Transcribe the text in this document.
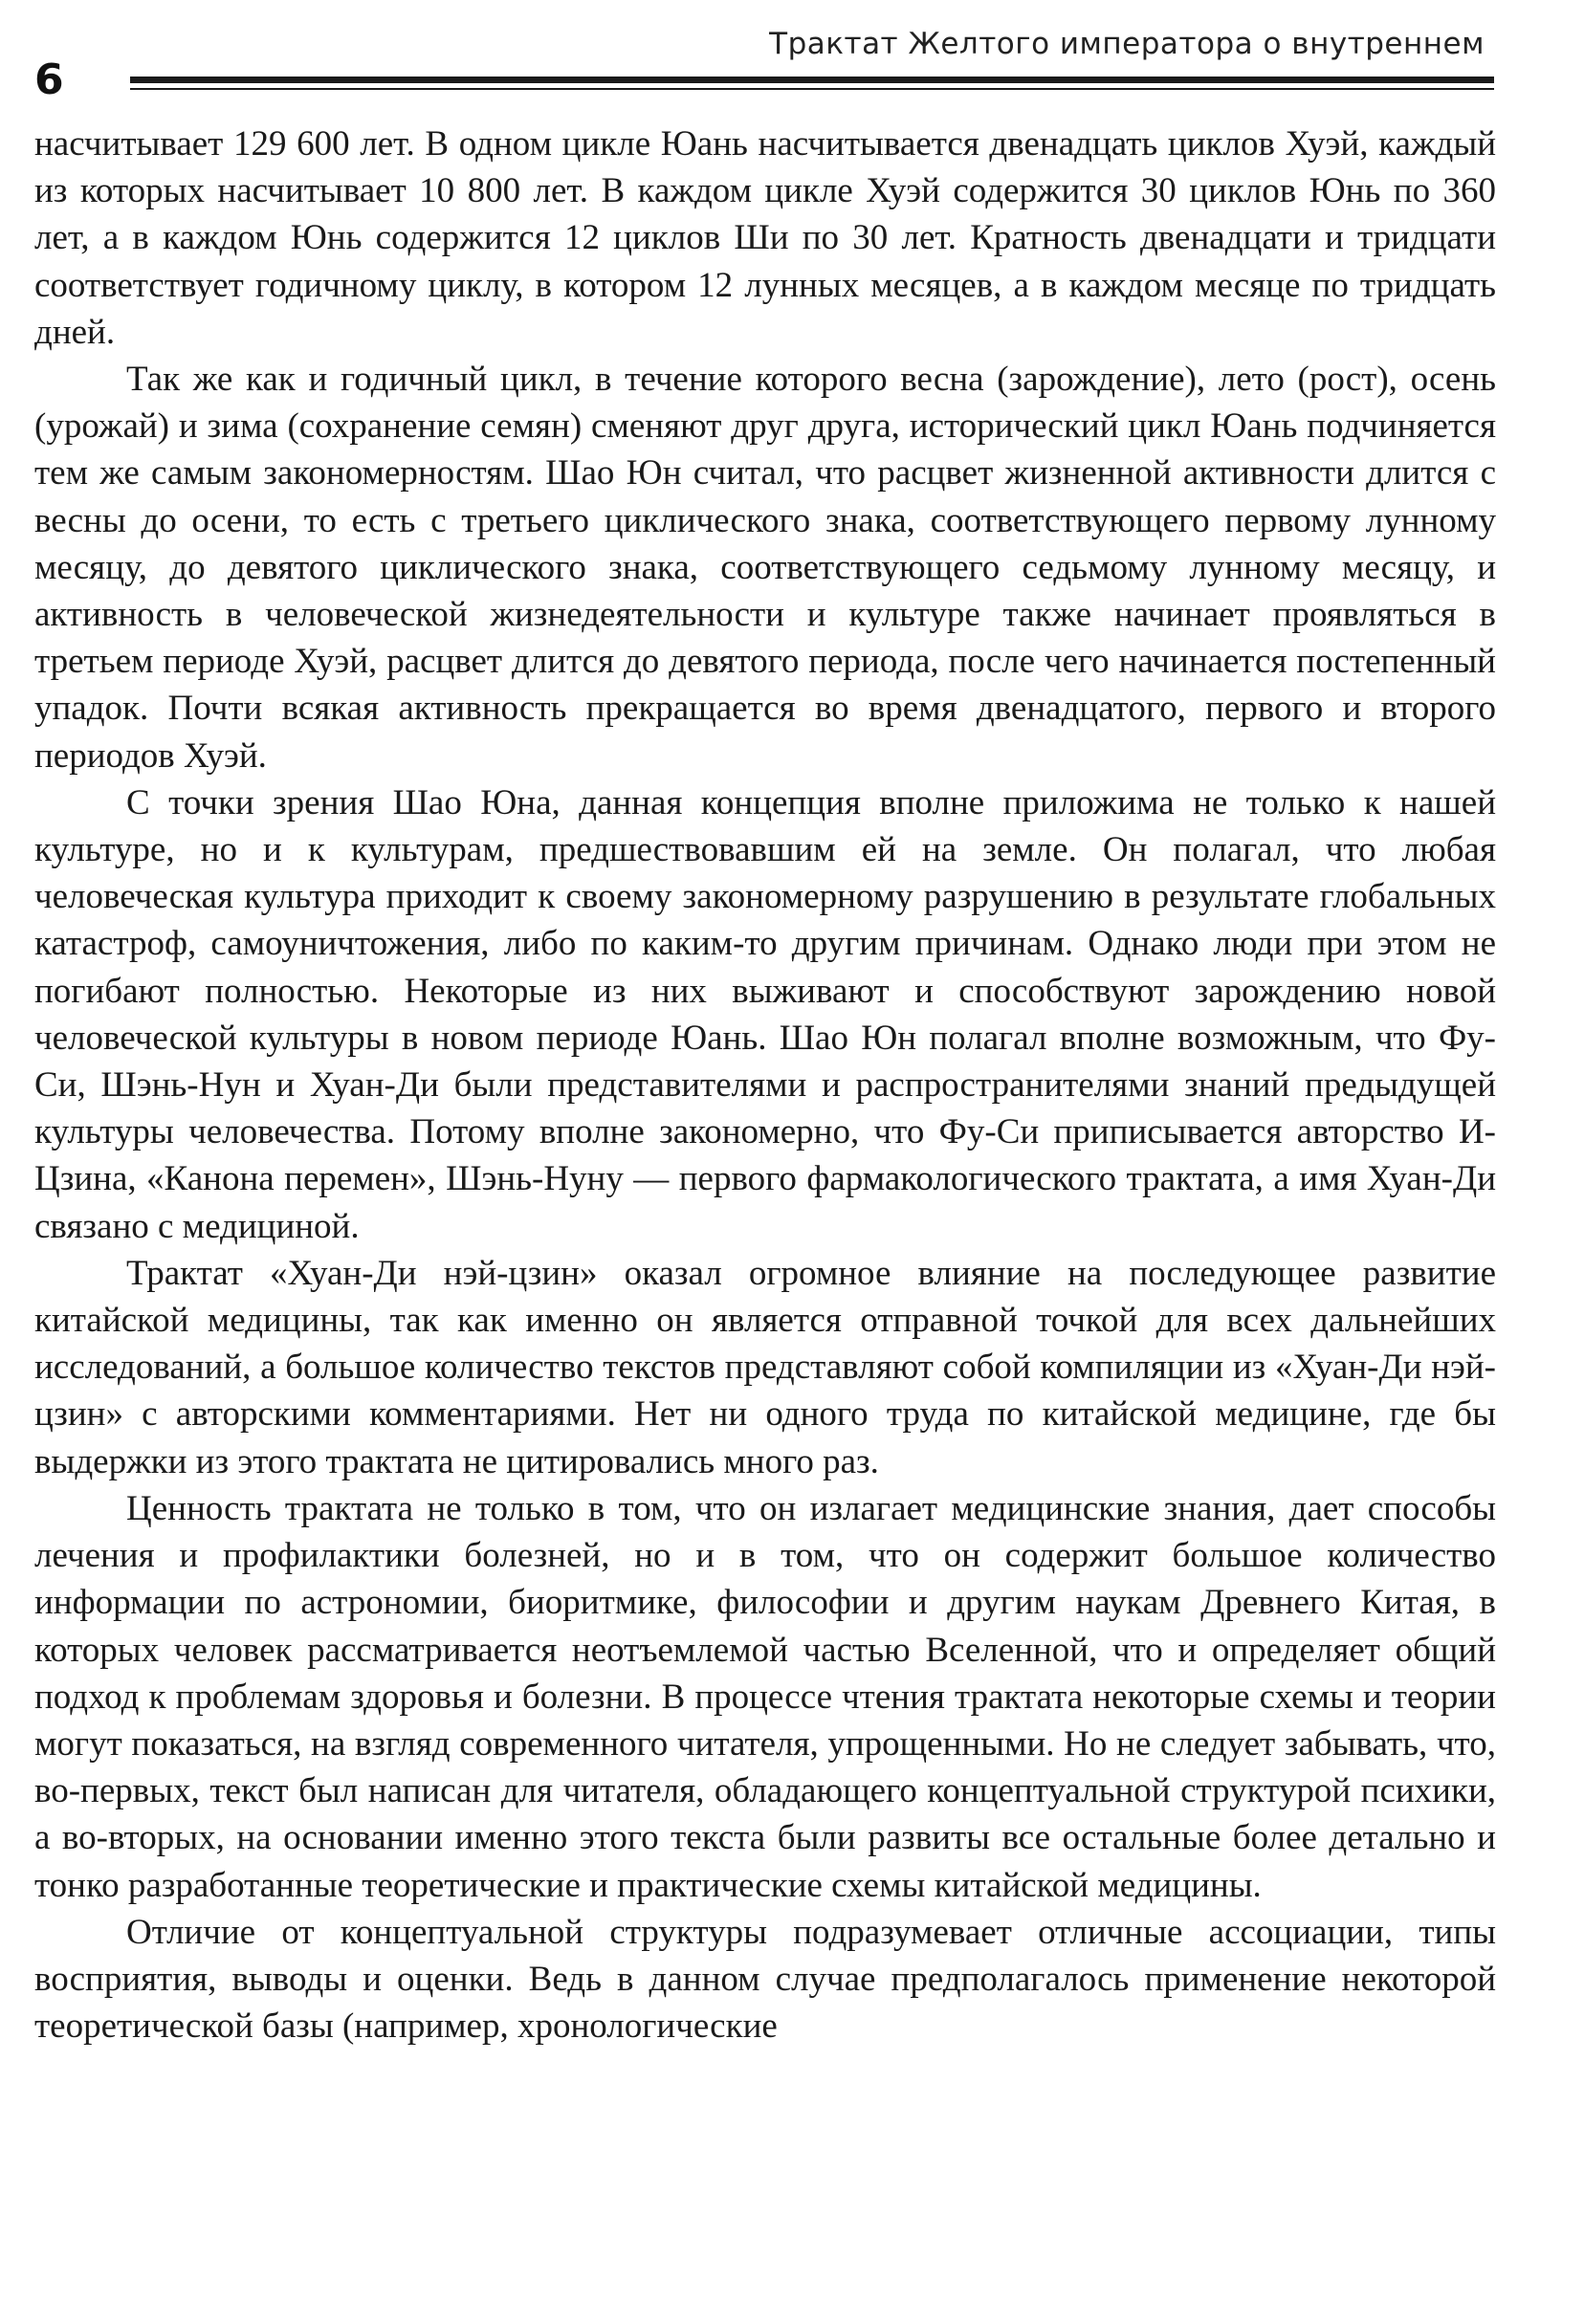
Трактат Желтого императора о внутреннем
6

насчитывает 129 600 лет. В одном цикле Юань насчитывается двенадцать циклов Хуэй, каждый из которых насчитывает 10 800 лет. В каждом цикле Хуэй содержится 30 циклов Юнь по 360 лет, а в каждом Юнь содержится 12 циклов Ши по 30 лет. Кратность двенадцати и тридцати соответствует годичному циклу, в котором 12 лунных месяцев, а в каждом месяце по тридцать дней.

Так же как и годичный цикл, в течение которого весна (зарождение), лето (рост), осень (урожай) и зима (сохранение семян) сменяют друг друга, исторический цикл Юань подчиняется тем же самым закономерностям. Шао Юн считал, что расцвет жизненной активности длится с весны до осени, то есть с третьего циклического знака, соответствующего первому лунному месяцу, до девятого циклического знака, соответствующего седьмому лунному месяцу, и активность в человеческой жизнедеятельности и культуре также начинает проявляться в третьем периоде Хуэй, расцвет длится до девятого периода, после чего начинается постепенный упадок. Почти всякая активность прекращается во время двенадцатого, первого и второго периодов Хуэй.

С точки зрения Шао Юна, данная концепция вполне приложима не только к нашей культуре, но и к культурам, предшествовавшим ей на земле. Он полагал, что любая человеческая культура приходит к своему закономерному разрушению в результате глобальных катастроф, самоуничтожения, либо по каким-то другим причинам. Однако люди при этом не погибают полностью. Некоторые из них выживают и способствуют зарождению новой человеческой культуры в новом периоде Юань. Шао Юн полагал вполне возможным, что Фу-Си, Шэнь-Нун и Хуан-Ди были представителями и распространителями знаний предыдущей культуры человечества. Потому вполне закономерно, что Фу-Си приписывается авторство И-Цзина, «Канона перемен», Шэнь-Нуну — первого фармакологического трактата, а имя Хуан-Ди связано с медициной.

Трактат «Хуан-Ди нэй-цзин» оказал огромное влияние на последующее развитие китайской медицины, так как именно он является отправной точкой для всех дальнейших исследований, а большое количество текстов представляют собой компиляции из «Хуан-Ди нэй-цзин» с авторскими комментариями. Нет ни одного труда по китайской медицине, где бы выдержки из этого трактата не цитировались много раз.

Ценность трактата не только в том, что он излагает медицинские знания, дает способы лечения и профилактики болезней, но и в том, что он содержит большое количество информации по астрономии, биоритмике, философии и другим наукам Древнего Китая, в которых человек рассматривается неотъемлемой частью Вселенной, что и определяет общий подход к проблемам здоровья и болезни. В процессе чтения трактата некоторые схемы и теории могут показаться, на взгляд современного читателя, упрощенными. Но не следует забывать, что, во-первых, текст был написан для читателя, обладающего концептуальной структурой психики, а во-вторых, на основании именно этого текста были развиты все остальные более детально и тонко разработанные теоретические и практические схемы китайской медицины.

Отличие от концептуальной структуры подразумевает отличные ассоциации, типы восприятия, выводы и оценки. Ведь в данном случае предполагалось применение некоторой теоретической базы (например, хронологические
